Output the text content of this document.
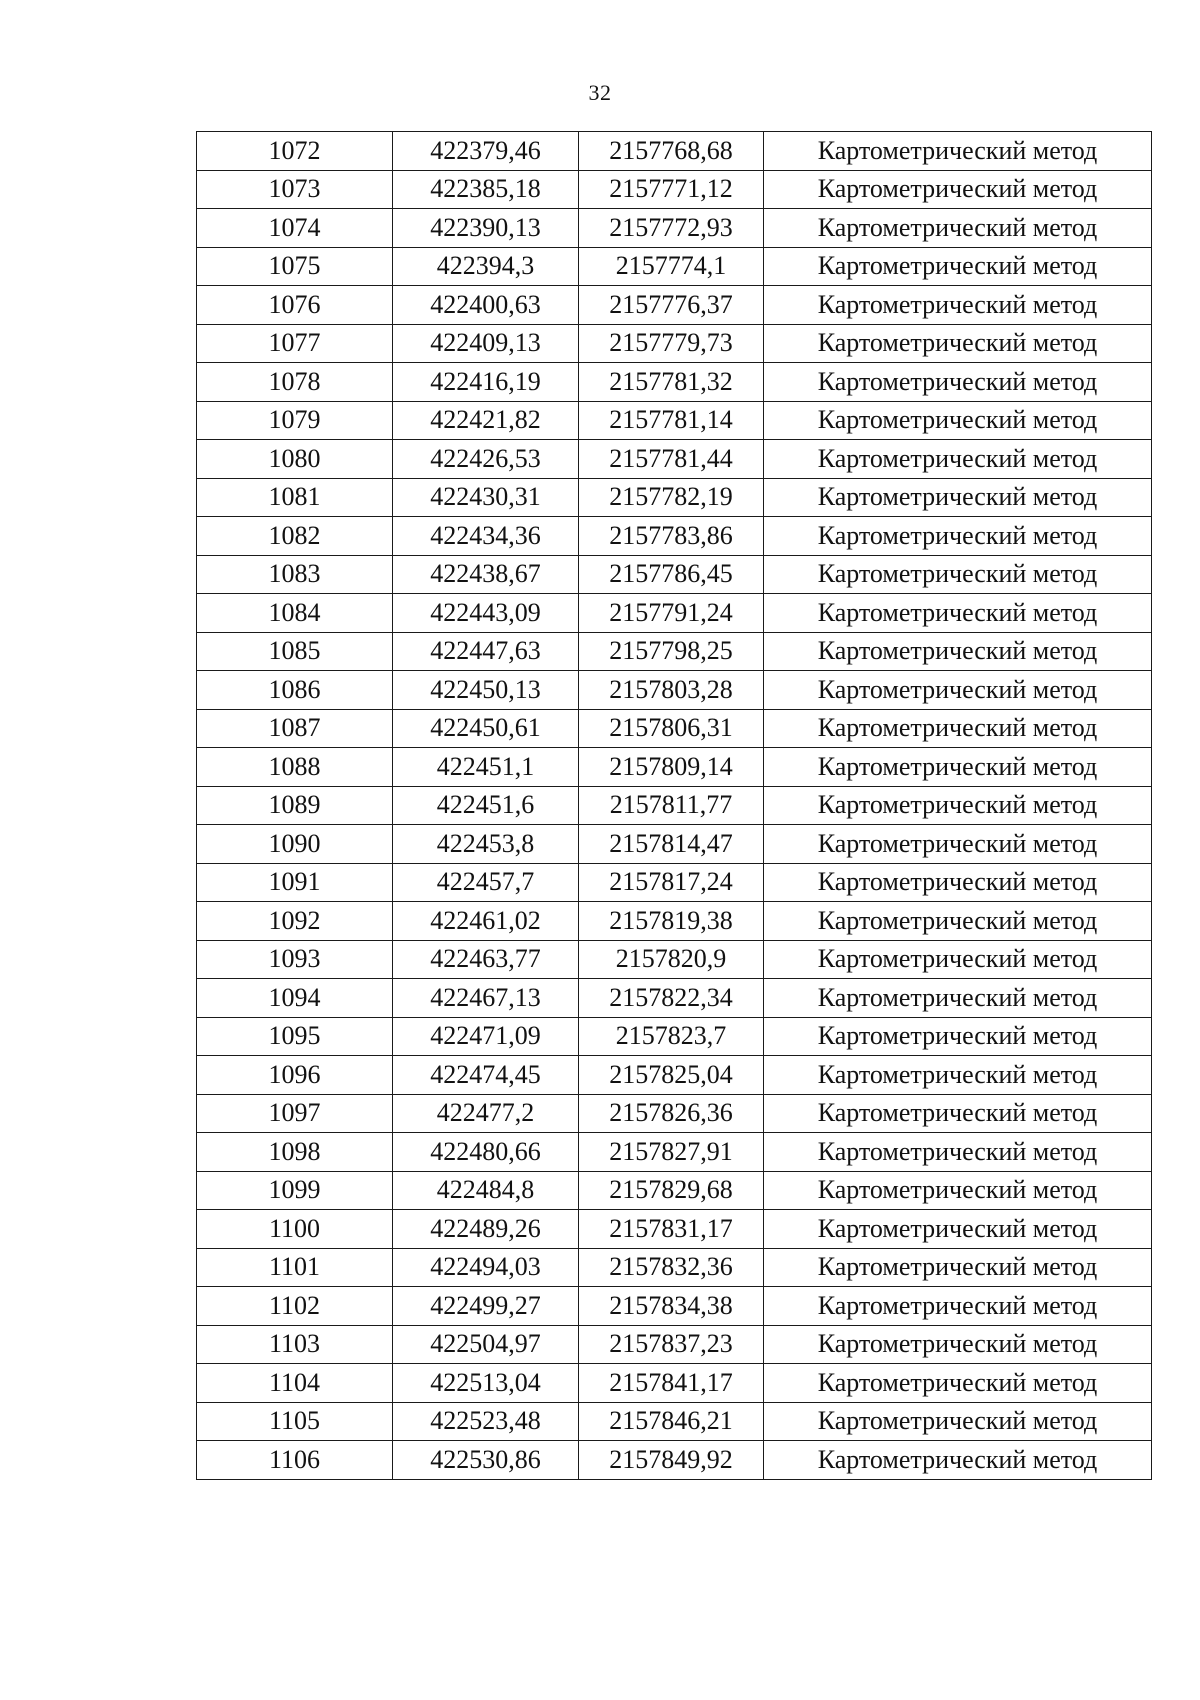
32
1072	422379,46	2157768,68	Картометрический метод
1073	422385,18	2157771,12	Картометрический метод
1074	422390,13	2157772,93	Картометрический метод
1075	422394,3	2157774,1	Картометрический метод
1076	422400,63	2157776,37	Картометрический метод
1077	422409,13	2157779,73	Картометрический метод
1078	422416,19	2157781,32	Картометрический метод
1079	422421,82	2157781,14	Картометрический метод
1080	422426,53	2157781,44	Картометрический метод
1081	422430,31	2157782,19	Картометрический метод
1082	422434,36	2157783,86	Картометрический метод
1083	422438,67	2157786,45	Картометрический метод
1084	422443,09	2157791,24	Картометрический метод
1085	422447,63	2157798,25	Картометрический метод
1086	422450,13	2157803,28	Картометрический метод
1087	422450,61	2157806,31	Картометрический метод
1088	422451,1	2157809,14	Картометрический метод
1089	422451,6	2157811,77	Картометрический метод
1090	422453,8	2157814,47	Картометрический метод
1091	422457,7	2157817,24	Картометрический метод
1092	422461,02	2157819,38	Картометрический метод
1093	422463,77	2157820,9	Картометрический метод
1094	422467,13	2157822,34	Картометрический метод
1095	422471,09	2157823,7	Картометрический метод
1096	422474,45	2157825,04	Картометрический метод
1097	422477,2	2157826,36	Картометрический метод
1098	422480,66	2157827,91	Картометрический метод
1099	422484,8	2157829,68	Картометрический метод
1100	422489,26	2157831,17	Картометрический метод
1101	422494,03	2157832,36	Картометрический метод
1102	422499,27	2157834,38	Картометрический метод
1103	422504,97	2157837,23	Картометрический метод
1104	422513,04	2157841,17	Картометрический метод
1105	422523,48	2157846,21	Картометрический метод
1106	422530,86	2157849,92	Картометрический метод
